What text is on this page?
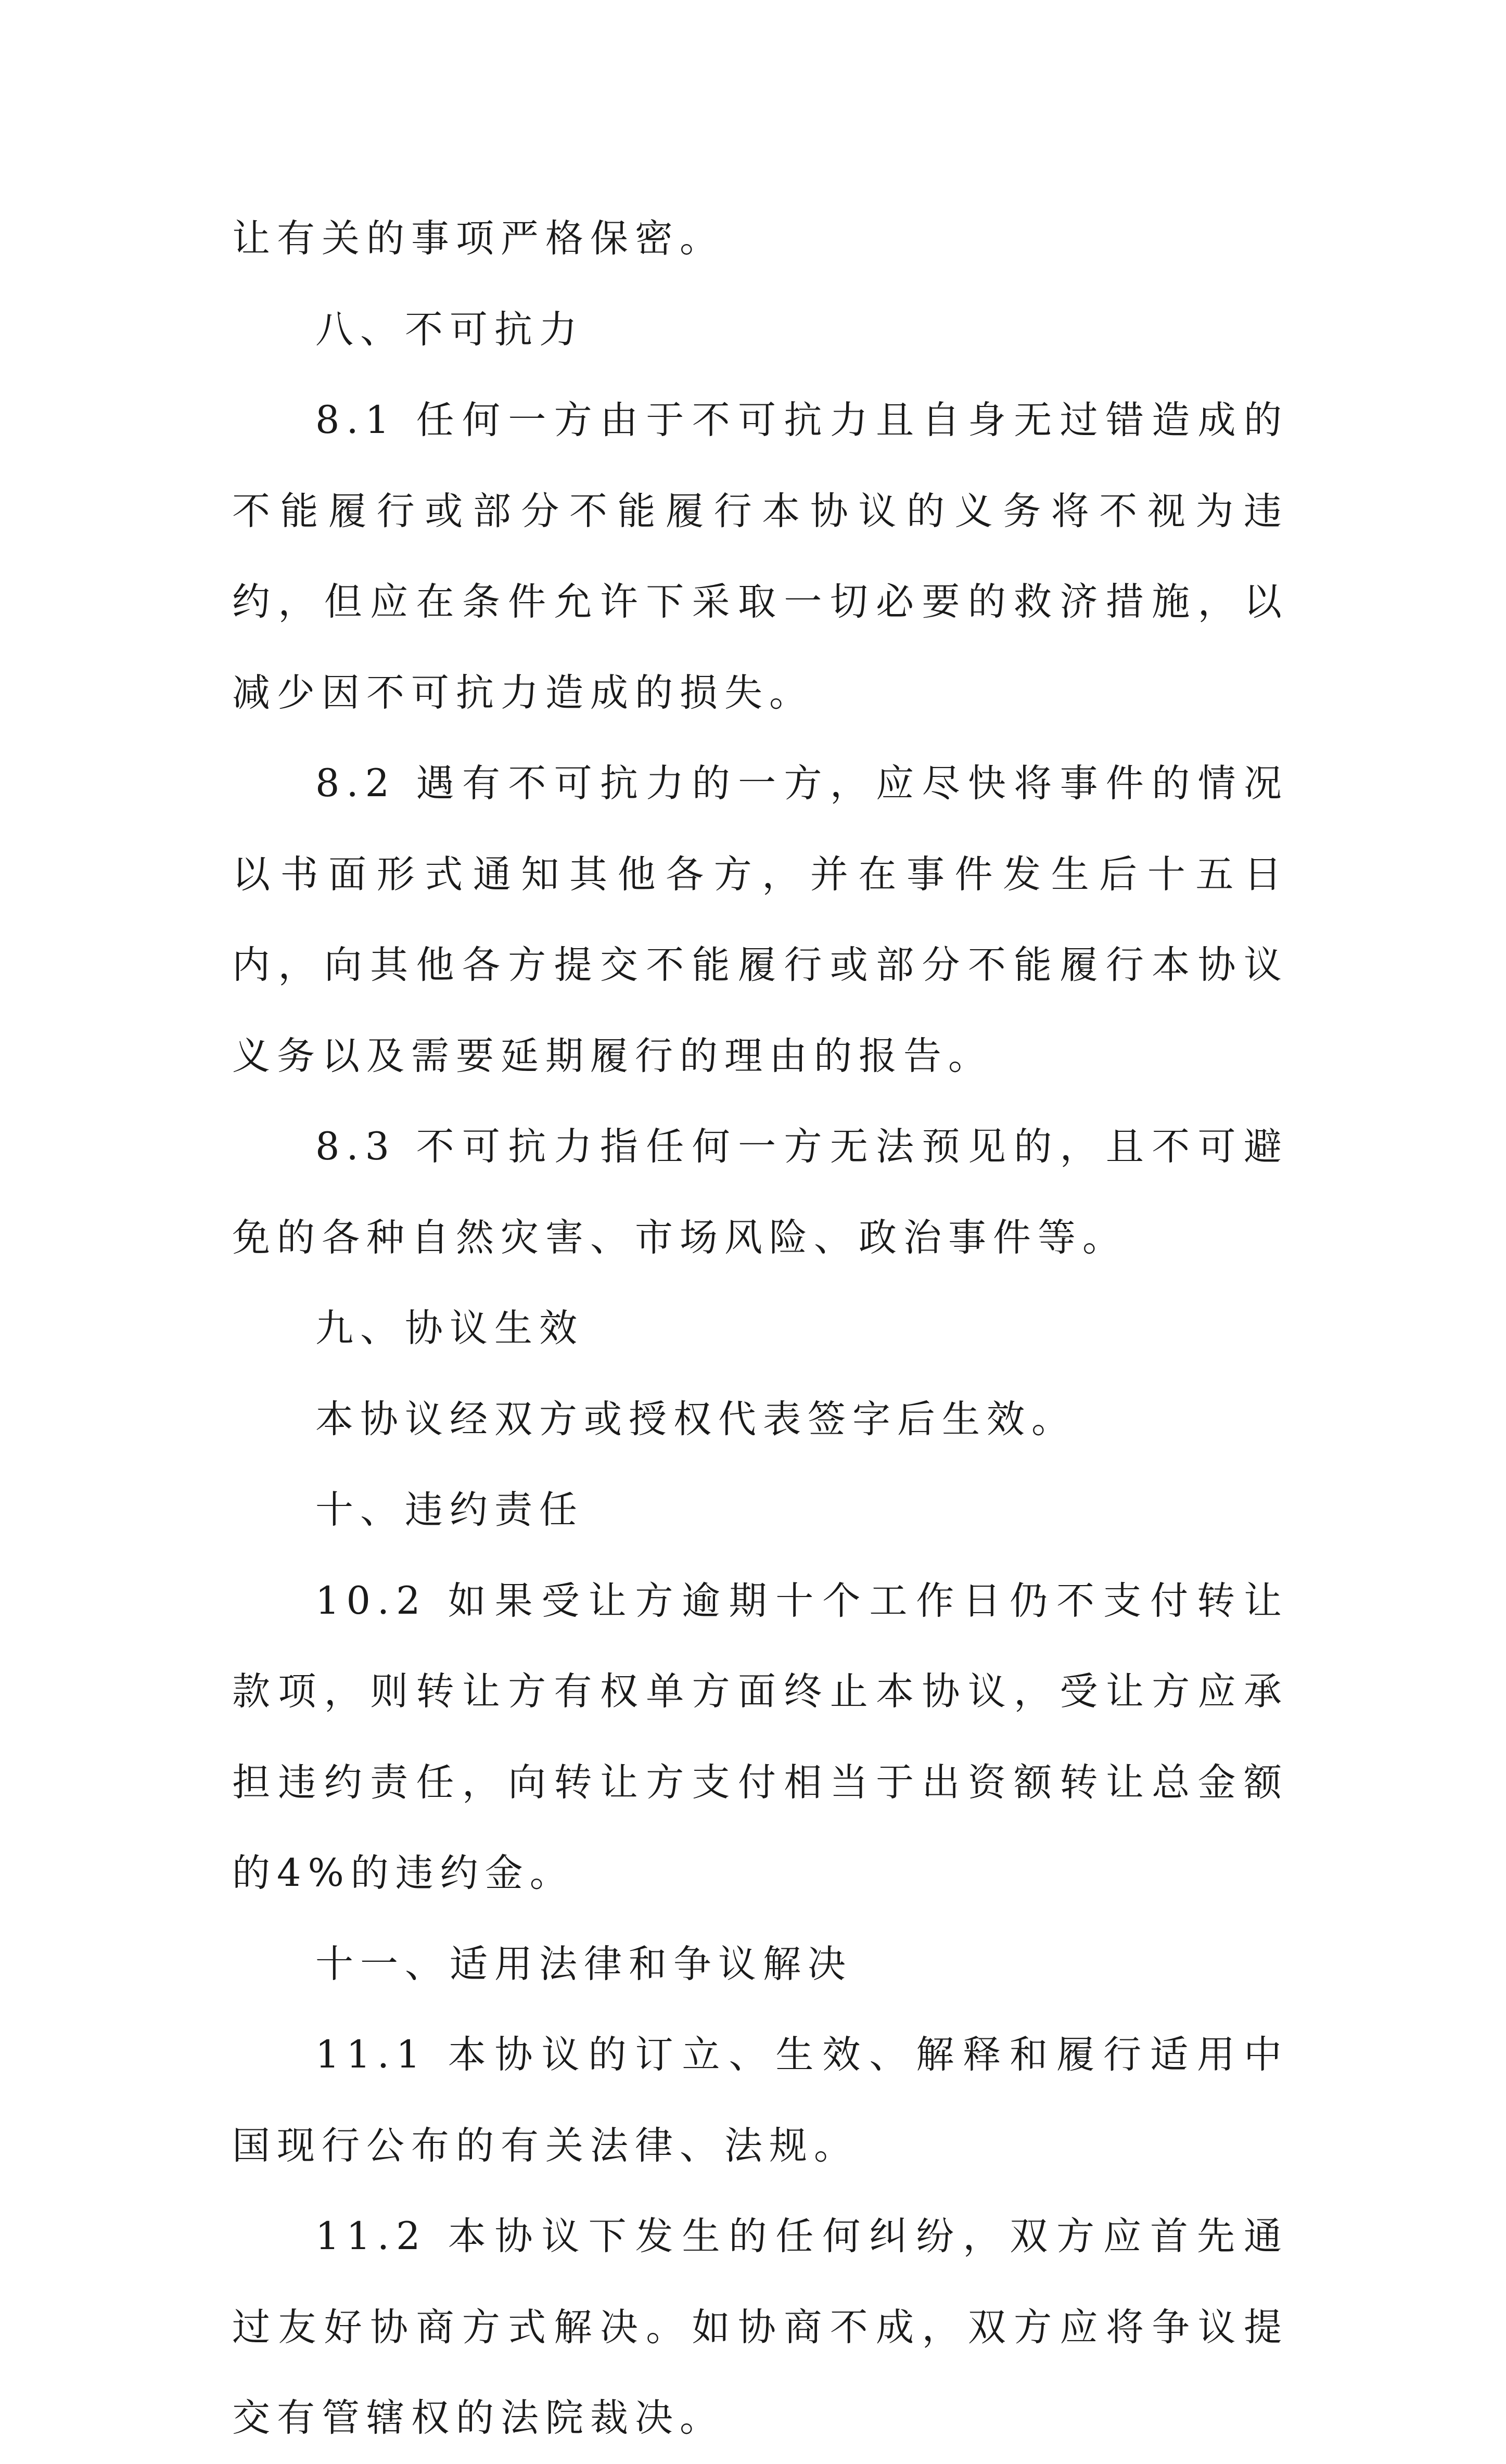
让有关的事项严格保密。

八、不可抗力

8.1 任何一方由于不可抗力且自身无过错造成的不能履行或部分不能履行本协议的义务将不视为违约，但应在条件允许下采取一切必要的救济措施，以减少因不可抗力造成的损失。

8.2 遇有不可抗力的一方，应尽快将事件的情况以书面形式通知其他各方，并在事件发生后十五日内，向其他各方提交不能履行或部分不能履行本协议义务以及需要延期履行的理由的报告。

8.3 不可抗力指任何一方无法预见的，且不可避免的各种自然灾害、市场风险、政治事件等。

九、协议生效

本协议经双方或授权代表签字后生效。

十、违约责任

10.2 如果受让方逾期十个工作日仍不支付转让款项，则转让方有权单方面终止本协议，受让方应承担违约责任，向转让方支付相当于出资额转让总金额的4%的违约金。

十一、适用法律和争议解决

11.1 本协议的订立、生效、解释和履行适用中国现行公布的有关法律、法规。

11.2 本协议下发生的任何纠纷，双方应首先通过友好协商方式解决。如协商不成，双方应将争议提交有管辖权的法院裁决。
